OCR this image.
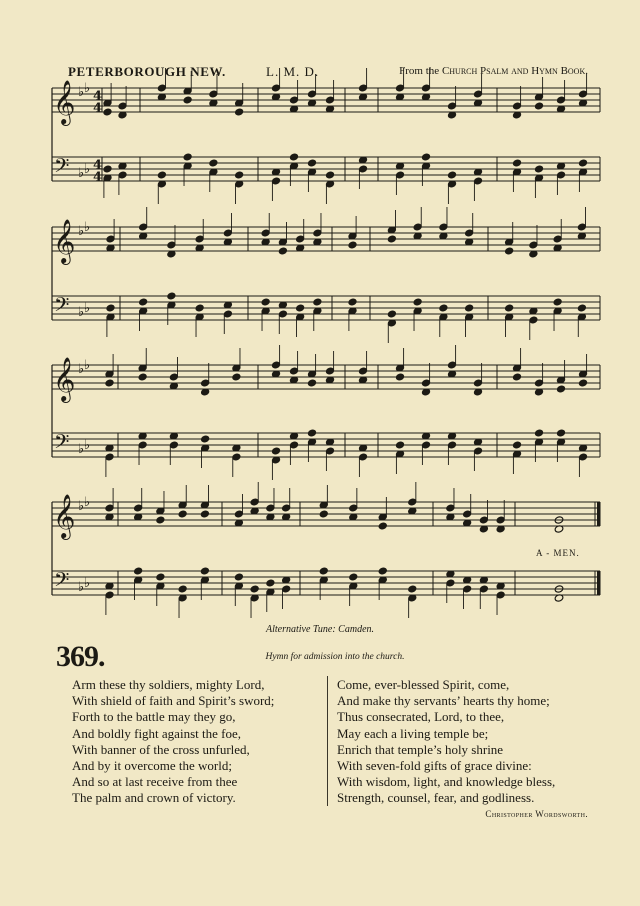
PETERBOROUGH NEW.	L. M. D.	From the Church Psalm and Hymn Book.
𝄞 ♭ ♭
4
4
𝄢 ♭ ♭ 4
4
𝄞 ♭ ♭
𝄢 ♭ ♭
𝄞 ♭ ♭
𝄢 ♭ ♭
𝄞 ♭ ♭
𝄢 ♭ ♭
A - MEN.
Alternative Tune: Camden.
369.	Hymn for admission into the church.
Arm these thy soldiers, mighty Lord,
With shield of faith and Spirit’s sword;
Forth to the battle may they go,
And boldly fight against the foe,
With banner of the cross unfurled,
And by it overcome the world;
And so at last receive from thee
The palm and crown of victory.
Come, ever-blessed Spirit, come,
And make thy servants’ hearts thy home;
Thus consecrated, Lord, to thee,
May each a living temple be;
Enrich that temple’s holy shrine
With seven-fold gifts of grace divine:
With wisdom, light, and knowledge bless,
Strength, counsel, fear, and godliness.
Christopher Wordsworth.
